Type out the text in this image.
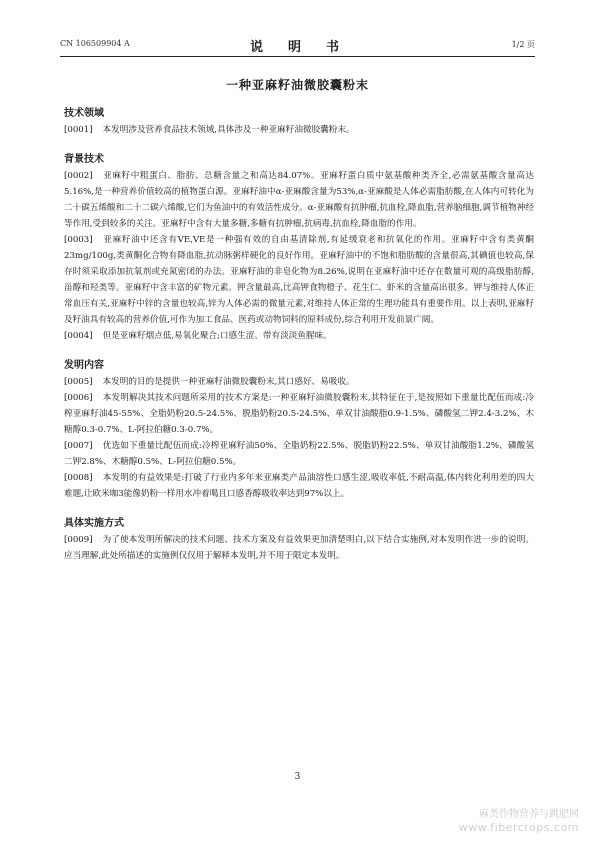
CN 106509904 A	说　明　书	1/2 页
一种亚麻籽油微胶囊粉末
技术领域

[0001] 本发明涉及营养食品技术领域,具体涉及一种亚麻籽油微胶囊粉末。

背景技术

[0002] 亚麻籽中粗蛋白、脂肪、总糖含量之和高达84.07%。亚麻籽蛋白质中氨基酸种类齐全,必需氨基酸含量高达5.16%,是一种营养价值较高的植物蛋白源。亚麻籽油中α-亚麻酸含量为53%,α-亚麻酸是人体必需脂肪酸,在人体内可转化为二十碳五烯酸和二十二碳六烯酸,它们为鱼油中的有效活性成分。α-亚麻酸有抗肿瘤,抗血栓,降血脂,营养脑细胞,调节植物神经等作用,受到较多的关注。亚麻籽中含有大量多糖,多糖有抗肿瘤,抗病毒,抗血栓,降血脂的作用。

[0003] 亚麻籽油中还含有VE,VE是一种强有效的自由基清除剂,有延缓衰老和抗氧化的作用。亚麻籽中含有类黄酮23mg/100g,类黄酮化合物有降血脂,抗动脉粥样硬化的良好作用。亚麻籽油中的不饱和脂肪酸的含量很高,其碘值也较高,保存时须采取添加抗氧剂或充氮密闭的办法。亚麻籽油的非皂化物为8.26%,说明在亚麻籽油中还存在数量可观的高级脂肪醇,甾醇和羟类等。亚麻籽中含丰富的矿物元素。钾含量最高,比高钾食物橙子、花生仁、虾米的含量高出很多。钾与维持人体正常血压有关,亚麻籽中锌的含量也较高,锌为人体必需的微量元素,对维持人体正常的生理功能具有重要作用。以上表明,亚麻籽及籽油具有较高的营养价值,可作为加工食品、医药或动物饲料的原料成份,综合利用开发前景广阔。

[0004] 但是亚麻籽烟点低,易氧化聚合;口感生涩、带有淡淡鱼腥味。

发明内容

[0005] 本发明的目的是提供一种亚麻籽油微胶囊粉末,其口感好、易吸收。

[0006] 本发明解决其技术问题所采用的技术方案是:一种亚麻籽油微胶囊粉末,其特征在于,是按照如下重量比配伍而成:冷榨亚麻籽油45-55%、全脂奶粉20.5-24.5%、脱脂奶粉20.5-24.5%、单双甘油酸脂0.9-1.5%、磷酸氢二钾2.4-3.2%、木糖醇0.3-0.7%、L-阿拉伯糖0.3-0.7%。

[0007] 优选如下重量比配伍而成:冷榨亚麻籽油50%、全脂奶粉22.5%、脱脂奶粉22.5%、单双甘油酸脂1.2%、磷酸氢二钾2.8%、木糖醇0.5%、L-阿拉伯糖0.5%。

[0008] 本发明的有益效果是:打破了行业内多年来亚麻类产品油溶性口感生涩,吸收率低,不耐高温,体内转化利用差的四大难题,让欧米咖3能像奶粉一样用水冲着喝且口感香醇吸收率达到97%以上。

具体实施方式

[0009] 为了使本发明所解决的技术问题、技术方案及有益效果更加清楚明白,以下结合实施例,对本发明作进一步的说明。应当理解,此处所描述的实施例仅仅用于解释本发明,并不用于限定本发明。

3
麻类作物营养与跳肥网
www.fibercrops.com
